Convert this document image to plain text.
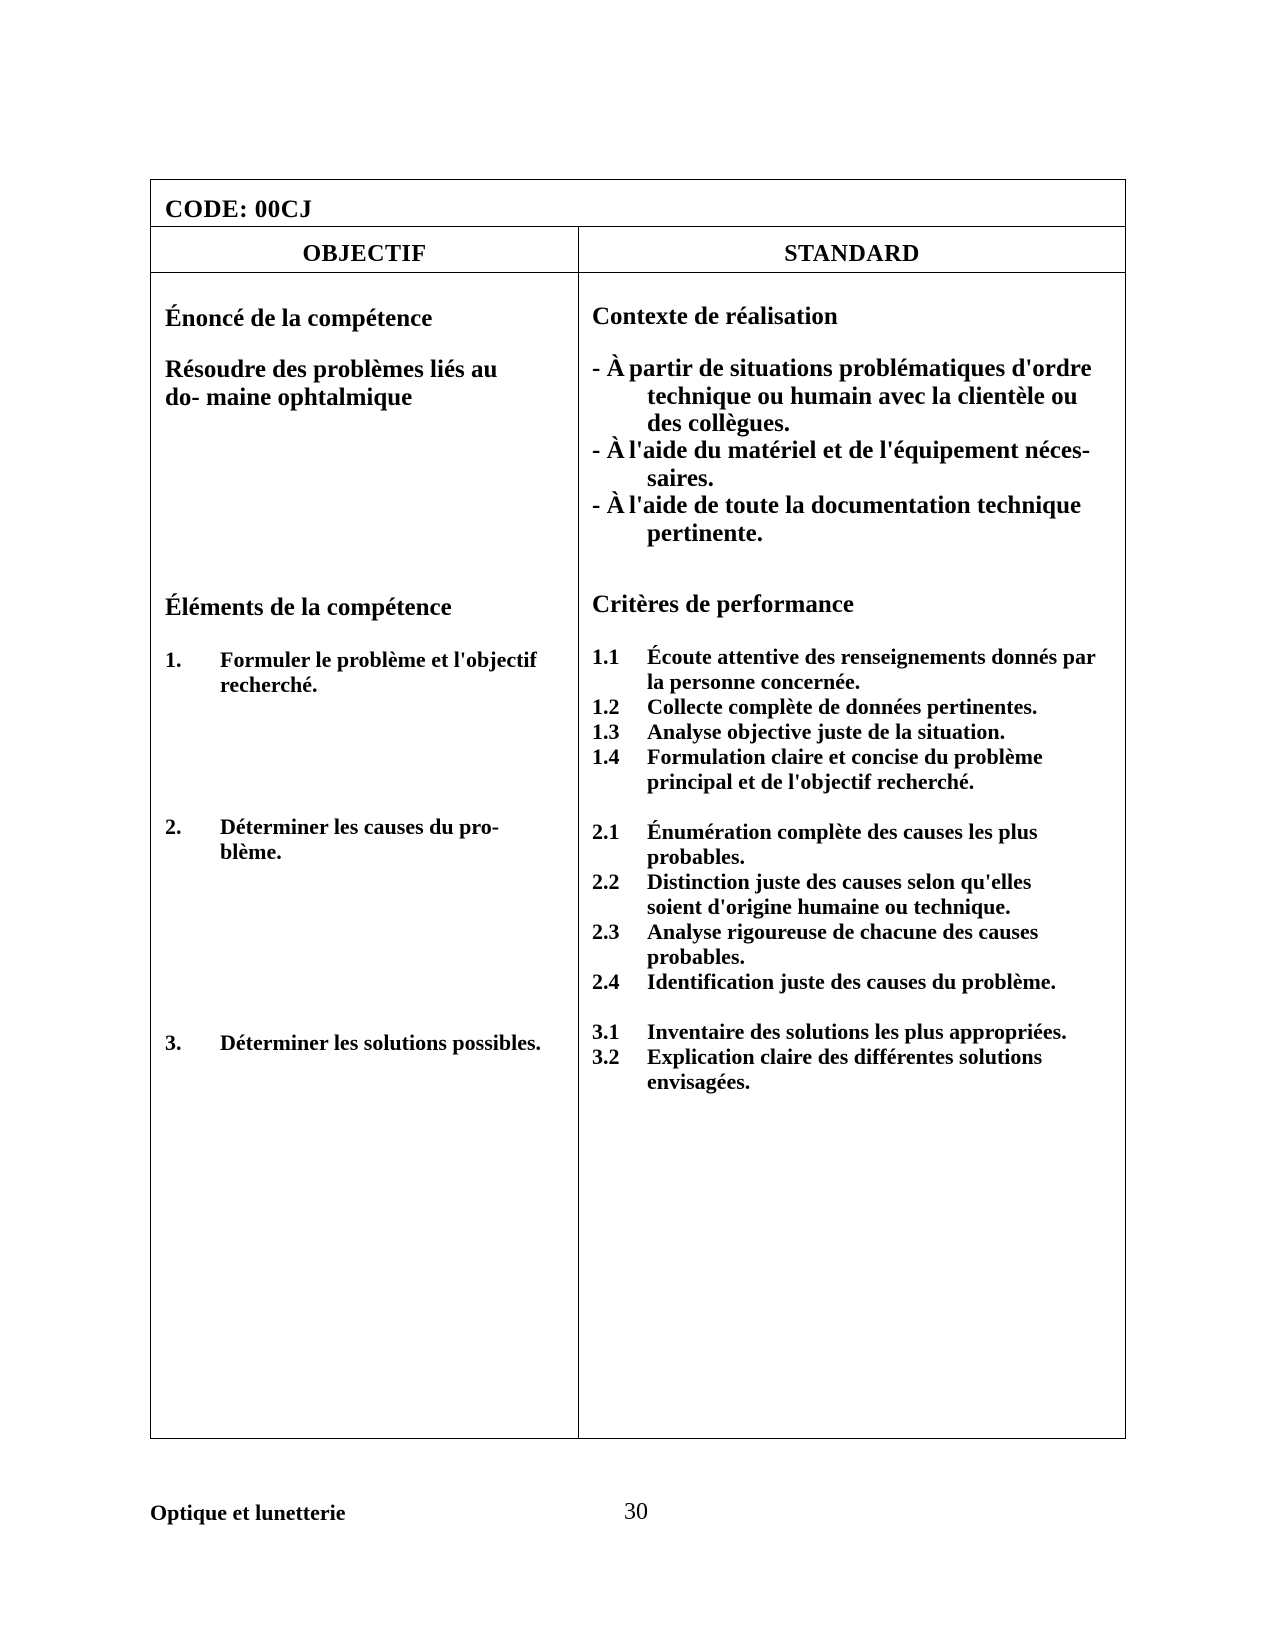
CODE: 00CJ
OBJECTIF	STANDARD
Énoncé de la compétence
Résoudre des problèmes liés au do- maine ophtalmique
Éléments de la compétence
1. Formuler le problème et l'objectif recherché.
2. Déterminer les causes du pro- blème.
3. Déterminer les solutions possibles.
Contexte de réalisation
- À partir de situations problématiques d'ordre technique ou humain avec la clientèle ou des collègues.
- À l'aide du matériel et de l'équipement néces- saires.
- À l'aide de toute la documentation technique pertinente.
Critères de performance
1.1 Écoute attentive des renseignements donnés par la personne concernée.
1.2 Collecte complète de données pertinentes.
1.3 Analyse objective juste de la situation.
1.4 Formulation claire et concise du problème principal et de l'objectif recherché.
2.1 Énumération complète des causes les plus probables.
2.2 Distinction juste des causes selon qu'elles soient d'origine humaine ou technique.
2.3 Analyse rigoureuse de chacune des causes probables.
2.4 Identification juste des causes du problème.
3.1 Inventaire des solutions les plus appropriées.
3.2 Explication claire des différentes solutions envisagées.
Optique et lunetterie	30
